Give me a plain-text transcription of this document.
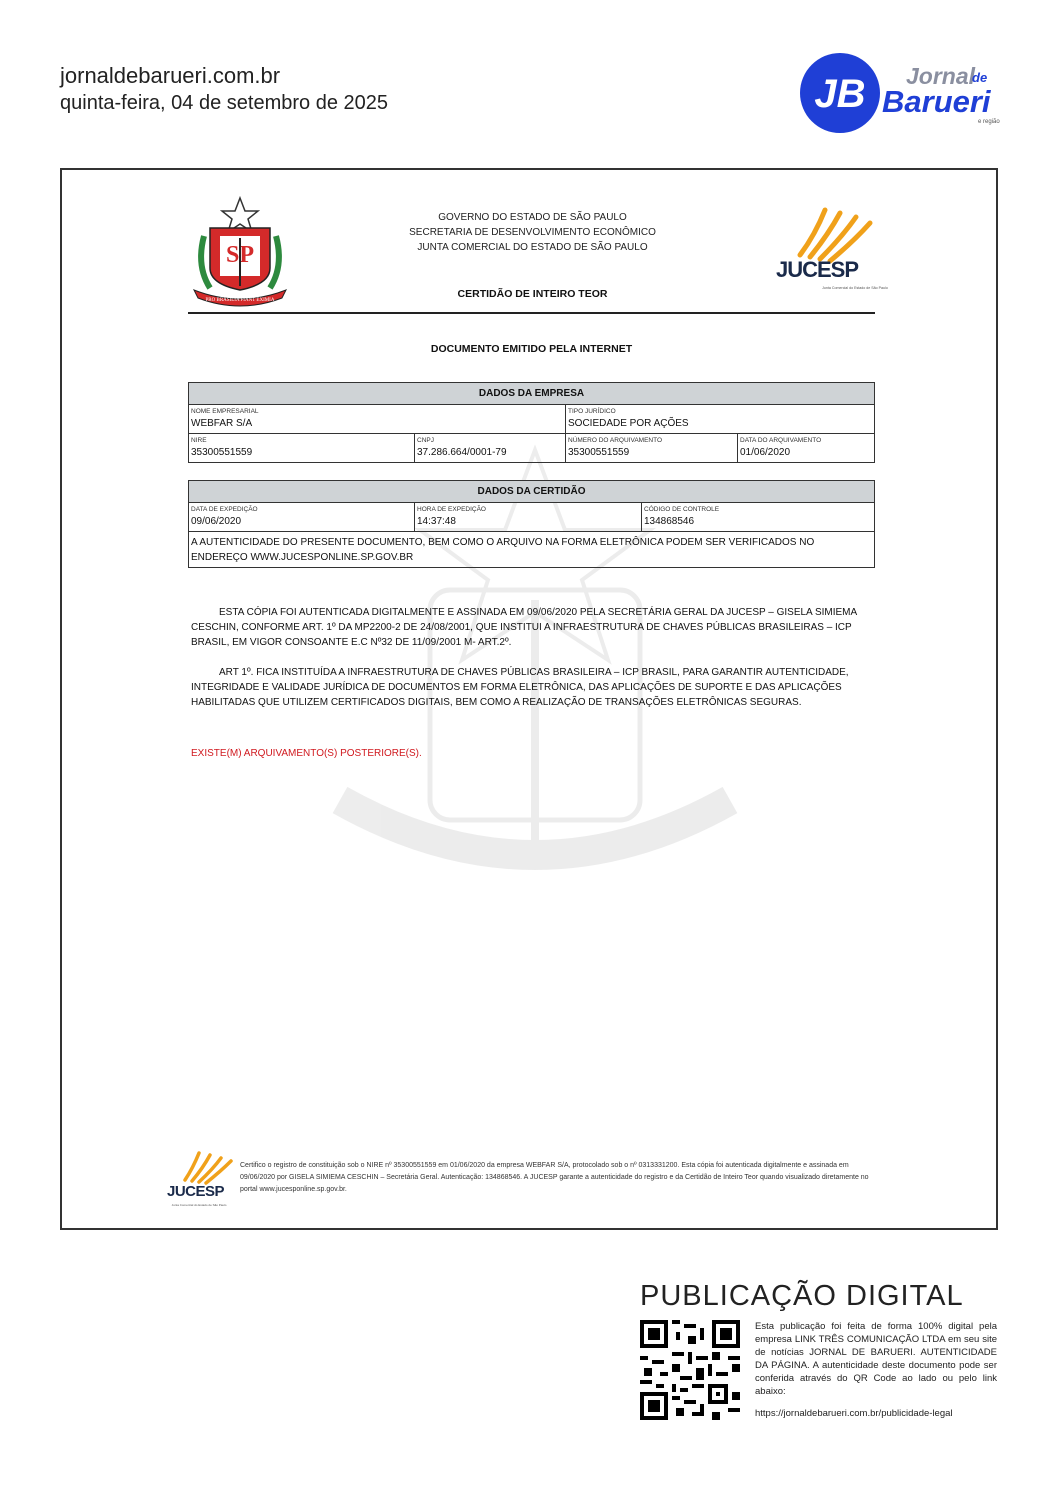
jornaldebarueri.com.br
quinta-feira, 04 de setembro de 2025	JB Jornal
de
Barueri
e região
SP
PRO BRASILIA FIANT EXIMIA
GOVERNO DO ESTADO DE SÃO PAULO
SECRETARIA DE DESENVOLVIMENTO ECONÔMICO
JUNTA COMERCIAL DO ESTADO DE SÃO PAULO
JUCESP
Junta Comercial do Estado de São Paulo
CERTIDÃO DE INTEIRO TEOR
DOCUMENTO EMITIDO PELA INTERNET
DADOS DA EMPRESA
NOME EMPRESARIAL
WEBFAR S/A
TIPO JURÍDICO
SOCIEDADE POR AÇÕES
NIRE
35300551559
CNPJ
37.286.664/0001-79
NÚMERO DO ARQUIVAMENTO
35300551559
DATA DO ARQUIVAMENTO
01/06/2020
DADOS DA CERTIDÃO
DATA DE EXPEDIÇÃO
09/06/2020
HORA DE EXPEDIÇÃO
14:37:48
CÓDIGO DE CONTROLE
134868546
A AUTENTICIDADE DO PRESENTE DOCUMENTO, BEM COMO O ARQUIVO NA FORMA ELETRÔNICA PODEM SER VERIFICADOS NO ENDEREÇO WWW.JUCESPONLINE.SP.GOV.BR
ESTA CÓPIA FOI AUTENTICADA DIGITALMENTE E ASSINADA EM 09/06/2020 PELA SECRETÁRIA GERAL DA JUCESP – GISELA SIMIEMA CESCHIN, CONFORME ART. 1º DA MP2200-2 DE 24/08/2001, QUE INSTITUI A INFRAESTRUTURA DE CHAVES PÚBLICAS BRASILEIRAS – ICP BRASIL, EM VIGOR CONSOANTE E.C Nº32 DE 11/09/2001 M- ART.2º.
ART 1º. FICA INSTITUÍDA A INFRAESTRUTURA DE CHAVES PÚBLICAS BRASILEIRA – ICP BRASIL, PARA GARANTIR AUTENTICIDADE, INTEGRIDADE E VALIDADE JURÍDICA DE DOCUMENTOS EM FORMA ELETRÔNICA, DAS APLICAÇÕES DE SUPORTE E DAS APLICAÇÕES HABILITADAS QUE UTILIZEM CERTIFICADOS DIGITAIS, BEM COMO A REALIZAÇÃO DE TRANSAÇÕES ELETRÔNICAS SEGURAS.
EXISTE(M) ARQUIVAMENTO(S) POSTERIORE(S).
JUCESP
Junta Comercial do Estado de São Paulo
Certifico o registro de constituição sob o NIRE nº 35300551559 em 01/06/2020 da empresa WEBFAR S/A, protocolado sob o nº 0313331200. Esta cópia foi autenticada digitalmente e assinada em 09/06/2020 por GISELA SIMIEMA CESCHIN – Secretária Geral. Autenticação: 134868546. A JUCESP garante a autenticidade do registro e da Certidão de Inteiro Teor quando visualizado diretamente no portal www.jucesponline.sp.gov.br.
PUBLICAÇÃO DIGITAL
Esta publicação foi feita de forma 100% digital pela empresa LINK TRÊS COMUNICAÇÃO LTDA em seu site de notícias JORNAL DE BARUERI. AUTENTICIDADE DA PÁGINA. A autenticidade deste documento pode ser conferida através do QR Code ao lado ou pelo link abaixo:
https://jornaldebarueri.com.br/publicidade-legal
